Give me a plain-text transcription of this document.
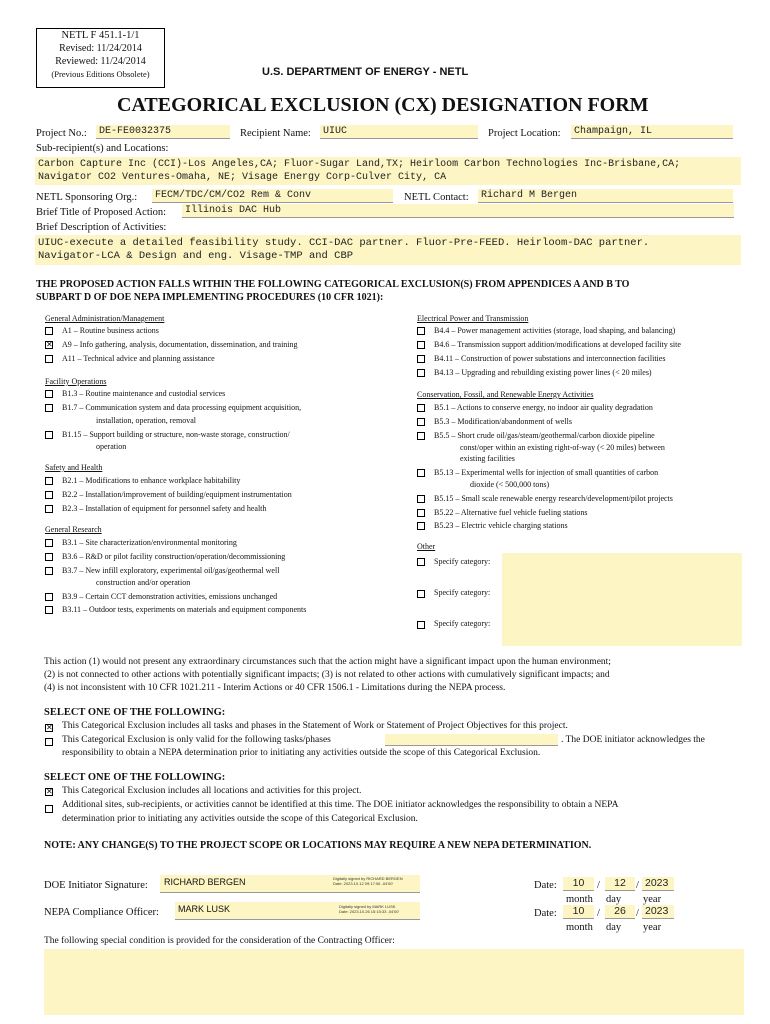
NETL F 451.1-1/1
Revised: 11/24/2014
Reviewed: 11/24/2014
(Previous Editions Obsolete)	U.S. DEPARTMENT OF ENERGY - NETL
CATEGORICAL EXCLUSION (CX) DESIGNATION FORM
Project No.:	DE-FE0032375	Recipient Name:	UIUC	Project Location:	Champaign, IL
Sub-recipient(s) and Locations:
Carbon Capture Inc (CCI)-Los Angeles,CA; Fluor-Sugar Land,TX; Heirloom Carbon Technologies Inc-Brisbane,CA;
Navigator CO2 Ventures-Omaha, NE; Visage Energy Corp-Culver City, CA
NETL Sponsoring Org.:	FECM/TDC/CM/CO2 Rem & Conv	NETL Contact:	Richard M Bergen
Brief Title of Proposed Action:	Illinois DAC Hub
Brief Description of Activities:
UIUC-execute a detailed feasibility study. CCI-DAC partner. Fluor-Pre-FEED. Heirloom-DAC partner.
Navigator-LCA & Design and eng. Visage-TMP and CBP
THE PROPOSED ACTION FALLS WITHIN THE FOLLOWING CATEGORICAL EXCLUSION(S) FROM APPENDICES A AND B TO
SUBPART D OF DOE NEPA IMPLEMENTING PROCEDURES (10 CFR 1021):
General Administration/Management
A1 – Routine business actions
✕ A9 – Info gathering, analysis, documentation, dissemination, and training
A11 – Technical advice and planning assistance
Facility Operations
B1.3 – Routine maintenance and custodial services
B1.7 – Communication system and data processing equipment acquisition,
installation, operation, removal
B1.15 – Support building or structure, non-waste storage, construction/
operation
Safety and Health
B2.1 – Modifications to enhance workplace habitability
B2.2 – Installation/improvement of building/equipment instrumentation
B2.3 – Installation of equipment for personnel safety and health
General Research
B3.1 – Site characterization/environmental monitoring
B3.6 – R&D or pilot facility construction/operation/decommissioning
B3.7 – New infill exploratory, experimental oil/gas/geothermal well
construction and/or operation
B3.9 – Certain CCT demonstration activities, emissions unchanged
B3.11 – Outdoor tests, experiments on materials and equipment components
Electrical Power and Transmission
B4.4 – Power management activities (storage, load shaping, and balancing)
B4.6 – Transmission support addition/modifications at developed facility site
B4.11 – Construction of power substations and interconnection facilities
B4.13 – Upgrading and rebuilding existing power lines (< 20 miles)
Conservation, Fossil, and Renewable Energy Activities
B5.1 – Actions to conserve energy, no indoor air quality degradation
B5.3 – Modification/abandonment of wells
B5.5 – Short crude oil/gas/steam/geothermal/carbon dioxide pipeline
const/oper within an existing right-of-way (< 20 miles) between
existing facilities
B5.13 – Experimental wells for injection of small quantities of carbon
dioxide (< 500,000 tons)
B5.15 – Small scale renewable energy research/development/pilot projects
B5.22 – Alternative fuel vehicle fueling stations
B5.23 – Electric vehicle charging stations
Other
Specify category:
Specify category:
Specify category:
This action (1) would not present any extraordinary circumstances such that the action might have a significant impact upon the human environment;
(2) is not connected to other actions with potentially significant impacts; (3) is not related to other actions with cumulatively significant impacts; and
(4) is not inconsistent with 10 CFR 1021.211 - Interim Actions or 40 CFR 1506.1 - Limitations during the NEPA process.
SELECT ONE OF THE FOLLOWING:
✕ This Categorical Exclusion includes all tasks and phases in the Statement of Work or Statement of Project Objectives for this project.
This Categorical Exclusion is only valid for the following tasks/phases	. The DOE initiator acknowledges the
responsibility to obtain a NEPA determination prior to initiating any activities outside the scope of this Categorical Exclusion.
SELECT ONE OF THE FOLLOWING:
✕ This Categorical Exclusion includes all locations and activities for this project.
Additional sites, sub-recipients, or activities cannot be identified at this time. The DOE initiator acknowledges the responsibility to obtain a NEPA
determination prior to initiating any activities outside the scope of this Categorical Exclusion.
NOTE: ANY CHANGE(S) TO THE PROJECT SCOPE OR LOCATIONS MAY REQUIRE A NEW NEPA DETERMINATION.
DOE Initiator Signature: RICHARD BERGEN	Digitally signed by RICHARD BERGEN
Date: 2023.10.12 09:17:06 -04'00'
NEPA Compliance Officer: MARK LUSK	Digitally signed by MARK LUSK
Date: 2023.10.26 15:15:33 -04'00'
Date:	10	/	12 / 2023
month day year
Date:	10	/	26 / 2023
month day year
The following special condition is provided for the consideration of the Contracting Officer:
